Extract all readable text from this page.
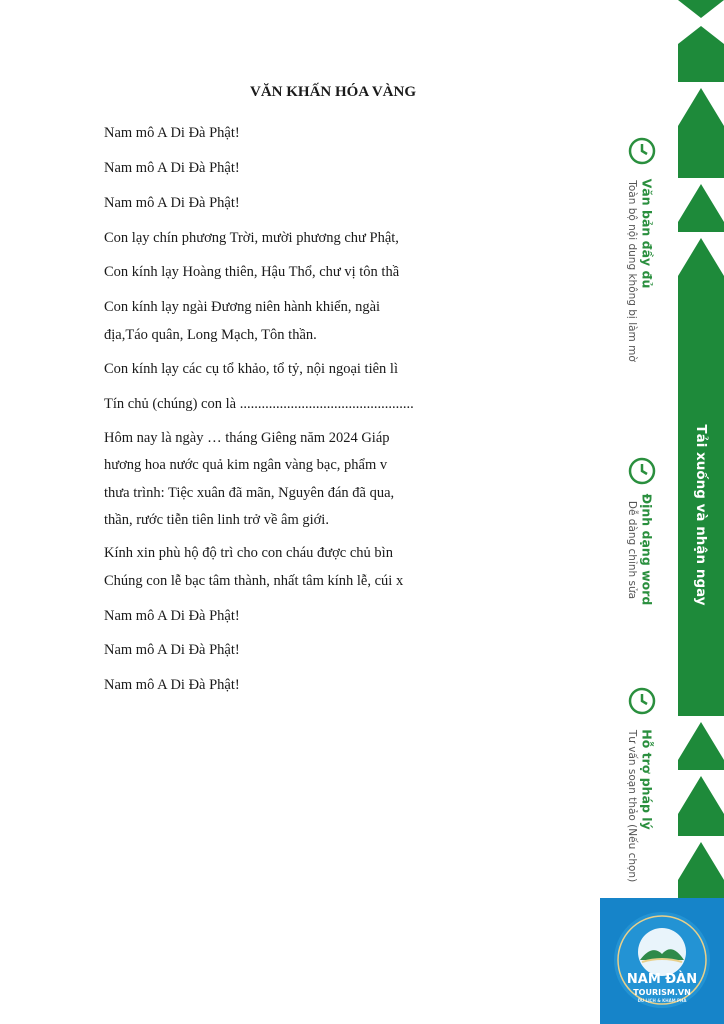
VĂN KHẤN HÓA VÀNG
Nam mô A Di Đà Phật!
Nam mô A Di Đà Phật!
Nam mô A Di Đà Phật!
Con lạy chín phương Trời, mười phương chư Phật,
Con kính lạy Hoàng thiên, Hậu Thổ, chư vị tôn thầ
Con kính lạy ngài Đương niên hành khiển, ngài
địa,Táo quân, Long Mạch, Tôn thần.
Con kính lạy các cụ tổ khảo, tổ tỷ, nội ngoại tiên lì
Tín chủ (chúng) con là ................................................
Hôm nay là ngày … tháng Giêng năm 2024 Giáp
hương hoa nước quả kim ngân vàng bạc, phẩm v
thưa trình: Tiệc xuân đã mãn, Nguyên đán đã qua,
thần, rước tiễn tiên linh trở về âm giới.
Kính xin phù hộ độ trì cho con cháu được chủ bìn
Chúng con lễ bạc tâm thành, nhất tâm kính lễ, cúi x
Nam mô A Di Đà Phật!
Nam mô A Di Đà Phật!
Nam mô A Di Đà Phật!
Tải xuống và nhận ngay
Văn bản đầy đủ
Toàn bộ nội dung không bị làm mờ
Định dạng word
Dễ dàng chỉnh sửa
Hỗ trợ pháp lý
Tư vấn soạn thảo (Nếu chọn)
NAM ĐÀN
TOURISM.VN
DU LỊCH & KHÁM PHÁ
